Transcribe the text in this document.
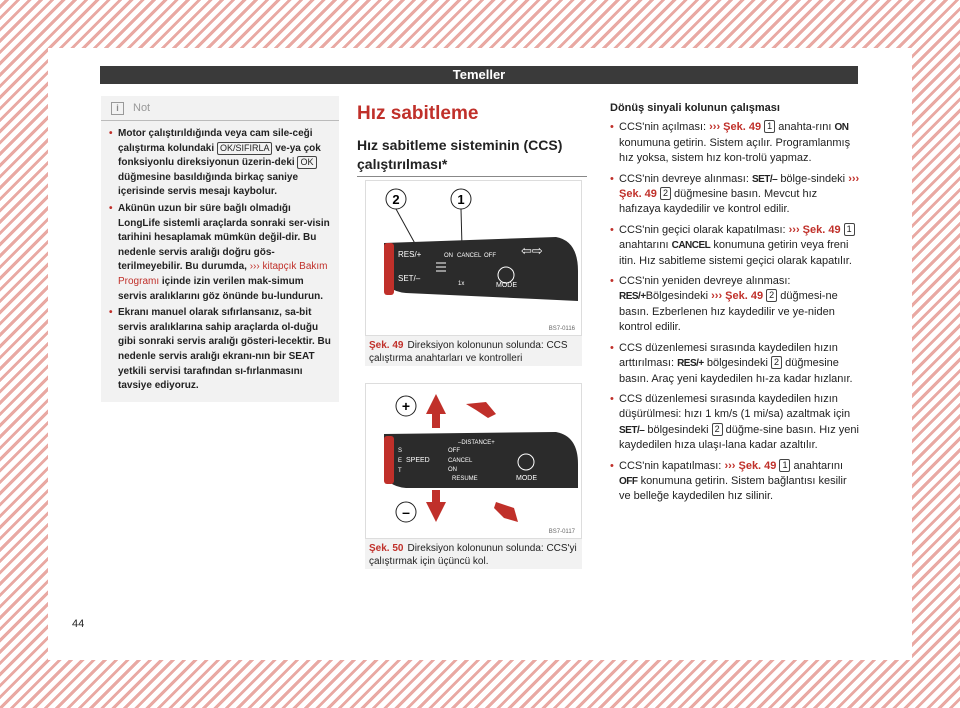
Temeller
i	Not
• Motor çalıştırıldığında veya cam sile-ceği çalıştırma kolundaki OK/SIFIRLA ve-ya çok fonksiyonlu direksiyonun üzerin-deki OK düğmesine basıldığında birkaç saniye içerisinde servis mesajı kaybolur.
• Akünün uzun bir süre bağlı olmadığı LongLife sistemli araçlarda sonraki ser-visin tarihini hesaplamak mümkün değil-dir. Bu nedenle servis aralığı doğru gös-terilmeyebilir. Bu durumda, ››› kitapçık Bakım Programı içinde izin verilen mak-simum servis aralıklarını göz önünde bu-lundurun.
• Ekranı manuel olarak sıfırlansanız, sa-bit servis aralıklarına sahip araçlarda ol-duğu gibi sonraki servis aralığı gösteri-lecektir. Bu nedenle servis aralığı ekranı-nın bir SEAT yetkili servisi tarafından sı-fırlanmasını tavsiye ediyoruz.
Hız sabitleme
Hız sabitleme sisteminin (CCS) çalıştırılması*
2	1
RES/+
SET/–
ON CANCEL OFF
1x	MODE
⇦⇨
BS7-0116
Şek. 49 Direksiyon kolonunun solunda: CCS çalıştırma anahtarları ve kontrolleri
+
–
–DISTANCE+
S
E
T
SPEED
OFF
CANCEL
ON
RESUME	MODE
BS7-0117
Şek. 50 Direksiyon kolonunun solunda: CCS'yi çalıştırmak için üçüncü kol.
Dönüş sinyali kolunun çalışması
• CCS'nin açılması: ››› Şek. 49 1 anahta-rını ON konumuna getirin. Sistem açılır. Programlanmış hız yoksa, sistem hız kon-trolü yapmaz.
• CCS'nin devreye alınması: SET/– bölge-sindeki ››› Şek. 49 2 düğmesine basın. Mevcut hız hafızaya kaydedilir ve kontrol edilir.
• CCS'nin geçici olarak kapatılması: ››› Şek. 49 1 anahtarını CANCEL konumuna getirin veya freni itin. Hız sabitleme sistemi geçici olarak kapatılır.
• CCS'nin yeniden devreye alınması: RES/+Bölgesindeki ››› Şek. 49 2 düğmesi-ne basın. Ezberlenen hız kaydedilir ve ye-niden kontrol edilir.
• CCS düzenlemesi sırasında kaydedilen hızın arttırılması: RES/+ bölgesindeki 2 düğmesine basın. Araç yeni kaydedilen hı-za kadar hızlanır.
• CCS düzenlemesi sırasında kaydedilen hızın düşürülmesi: hızı 1 km/s (1 mi/sa) azaltmak için SET/– bölgesindeki 2 düğme-sine basın. Hız yeni kaydedilen hıza ulaşı-lana kadar azaltılır.
• CCS'nin kapatılması: ››› Şek. 49 1 anahtarını OFF konumuna getirin. Sistem bağlantısı kesilir ve belleğe kaydedilen hız silinir.
44
